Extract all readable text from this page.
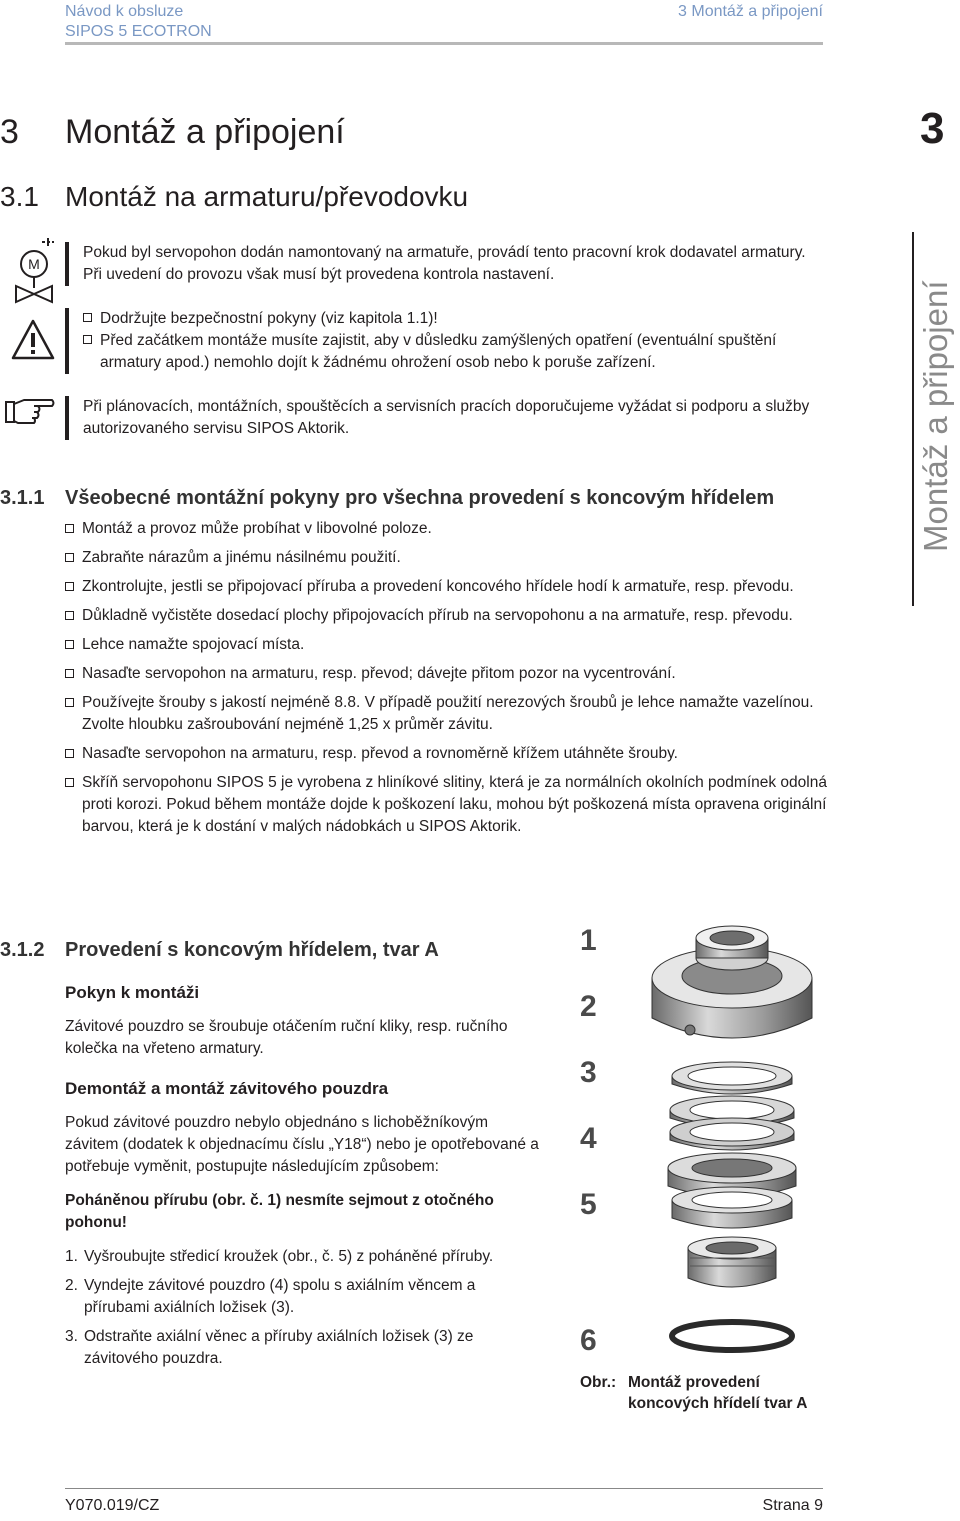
Návod k obsluze
SIPOS 5 ECOTRON
3 Montáž a připojení
3
Montáž a připojení
3 Montáž a připojení
3.1 Montáž na armaturu/převodovku
M

Pokud byl servopohon dodán namontovaný na armatuře, provádí tento pracovní krok dodavatel armatury. Při uvedení do provozu však musí být provedena kontrola nastavení.

Dodržujte bezpečnostní pokyny (viz kapitola 1.1)!

Před začátkem montáže musíte zajistit, aby v důsledku zamýšlených opatření (eventuální spuštění armatury apod.) nemohlo dojít k žádnému ohrožení osob nebo k poruše zařízení.

Při plánovacích, montážních, spouštěcích a servisních pracích doporučujeme vyžádat si podporu a služby autorizovaného servisu SIPOS Aktorik.

3.1.1 Všeobecné montážní pokyny pro všechna provedení s koncovým hřídelem
Montáž a provoz může probíhat v libovolné poloze.
Zabraňte nárazům a jinému násilnému použití.
Zkontrolujte, jestli se připojovací příruba a provedení koncového hřídele hodí k armatuře, resp. převodu.
Důkladně vyčistěte dosedací plochy připojovacích přírub na servopohonu a na armatuře, resp. převodu.
Lehce namažte spojovací místa.
Nasaďte servopohon na armaturu, resp. převod; dávejte přitom pozor na vycentrování.
Používejte šrouby s jakostí nejméně 8.8. V případě použití nerezových šroubů je lehce namažte vazelínou.
Zvolte hloubku zašroubování nejméně 1,25 x průměr závitu.
Nasaďte servopohon na armaturu, resp. převod a rovnoměrně křížem utáhněte šrouby.
Skříň servopohonu SIPOS 5 je vyrobena z hliníkové slitiny, která je za normálních okolních podmínek odolná proti korozi. Pokud během montáže dojde k poškození laku, mohou být poškozená místa opravena originální barvou, která je k dostání v malých nádobkách u SIPOS Aktorik.
3.1.2 Provedení s koncovým hřídelem, tvar A
Pokyn k montáži

Závitové pouzdro se šroubuje otáčením ruční kliky, resp. ručního kolečka na vřeteno armatury.

Demontáž a montáž závitového pouzdra

Pokud závitové pouzdro nebylo objednáno s lichoběžníkovým závitem (dodatek k objednacímu číslu „Y18“) nebo je opotřebované a potřebuje vyměnit, postupujte následujícím způsobem:

Poháněnou přírubu (obr. č. 1) nesmíte sejmout z otočného pohonu!

1. Vyšroubujte středicí kroužek (obr., č. 5) z poháněné příruby.
2. Vyndejte závitové pouzdro (4) spolu s axiálním věncem a přírubami axiálních ložisek (3).
3. Odstraňte axiální věnec a příruby axiálních ložisek (3) ze závitového pouzdra.
1
2
3
4
5
6
Obr.: Montáž provedení koncových hřídelí tvar A
Y070.019/CZ	Strana 9
